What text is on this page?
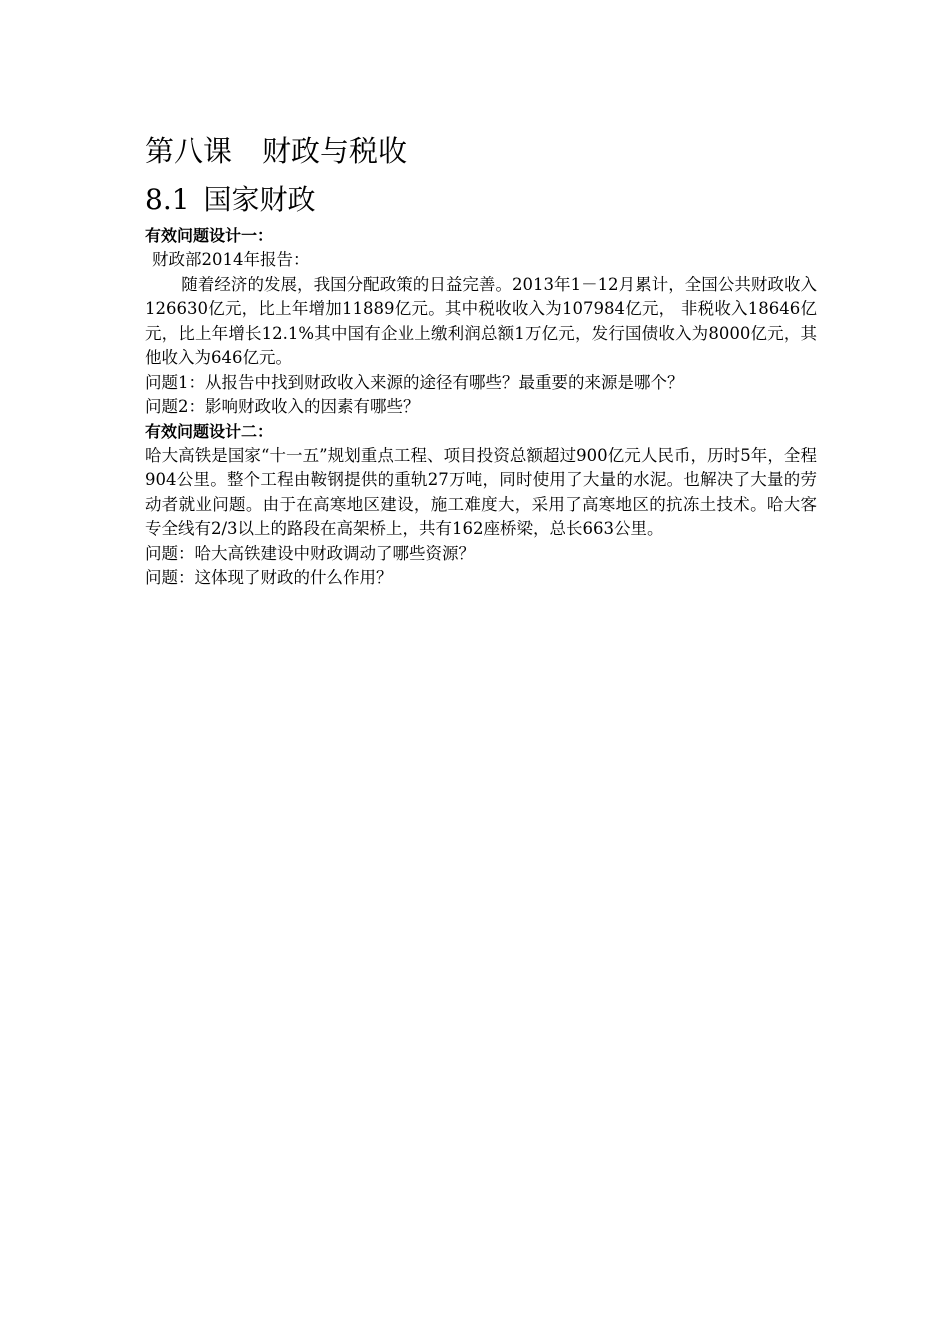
第八课 财政与税收
8.1 国家财政

有效问题设计一：

财政部2014年报告：

随着经济的发展，我国分配政策的日益完善。2013年1－12月累计，全国公共财政收入126630亿元，比上年增加11889亿元。其中税收收入为107984亿元， 非税收入18646亿元，比上年增长12.1%其中国有企业上缴利润总额1万亿元，发行国债收入为8000亿元，其他收入为646亿元。

问题1：从报告中找到财政收入来源的途径有哪些？最重要的来源是哪个？

问题2：影响财政收入的因素有哪些？

有效问题设计二：

哈大高铁是国家“十一五”规划重点工程、项目投资总额超过900亿元人民币，历时5年，全程904公里。整个工程由鞍钢提供的重轨27万吨，同时使用了大量的水泥。也解决了大量的劳动者就业问题。由于在高寒地区建设，施工难度大，采用了高寒地区的抗冻土技术。哈大客专全线有2/3以上的路段在高架桥上，共有162座桥梁，总长663公里。

问题：哈大高铁建设中财政调动了哪些资源？

问题：这体现了财政的什么作用？
